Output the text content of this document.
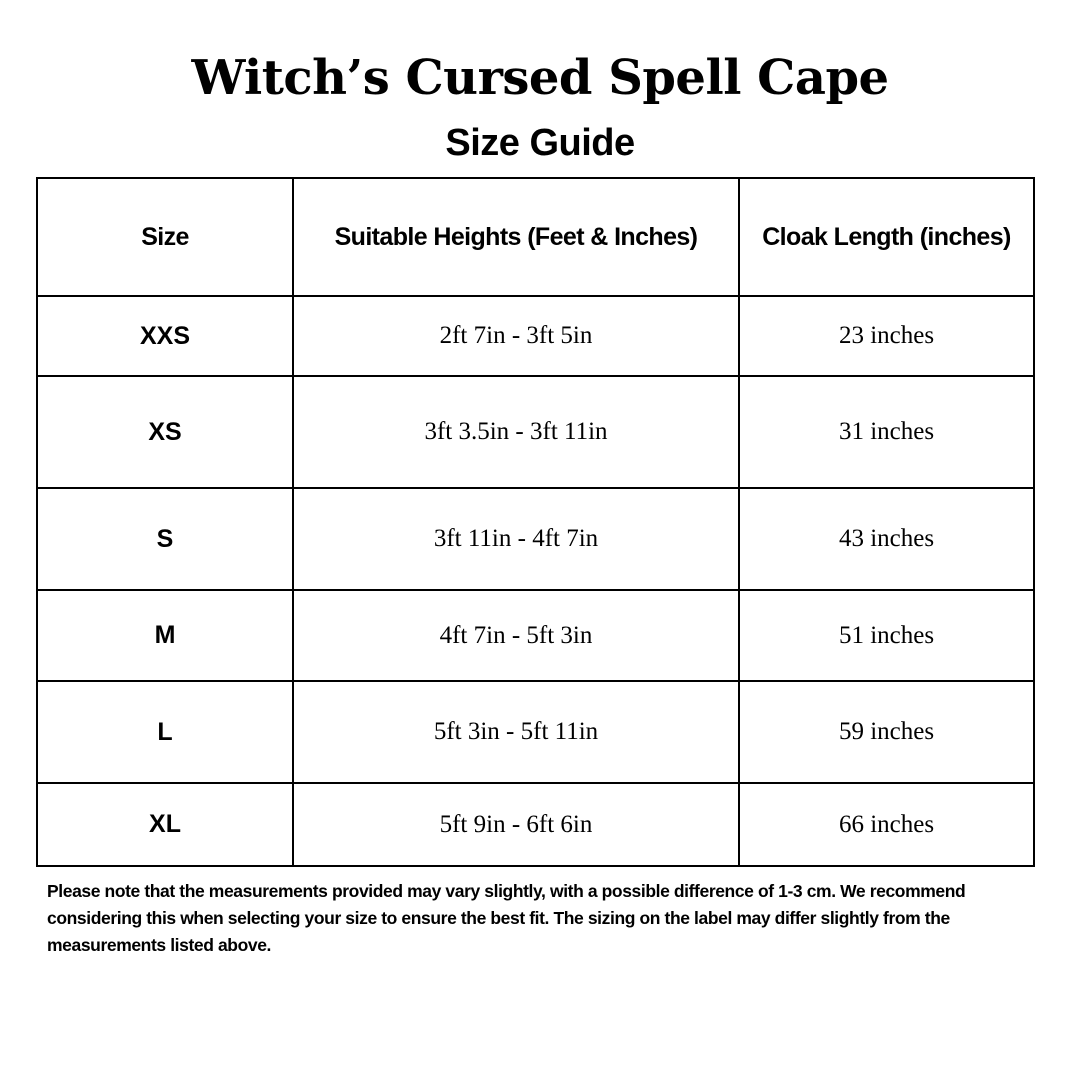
Witch’s Cursed Spell Cape
Size Guide
Size	Suitable Heights (Feet & Inches)	Cloak Length (inches)
XXS	2ft 7in - 3ft 5in	23 inches
XS	3ft 3.5in - 3ft 11in	31 inches
S	3ft 11in - 4ft 7in	43 inches
M	4ft 7in - 5ft 3in	51 inches
L	5ft 3in - 5ft 11in	59 inches
XL	5ft 9in - 6ft 6in	66 inches

Please note that the measurements provided may vary slightly, with a possible difference of 1-3 cm. We recommend considering this when selecting your size to ensure the best fit. The sizing on the label may differ slightly from the measurements listed above.
